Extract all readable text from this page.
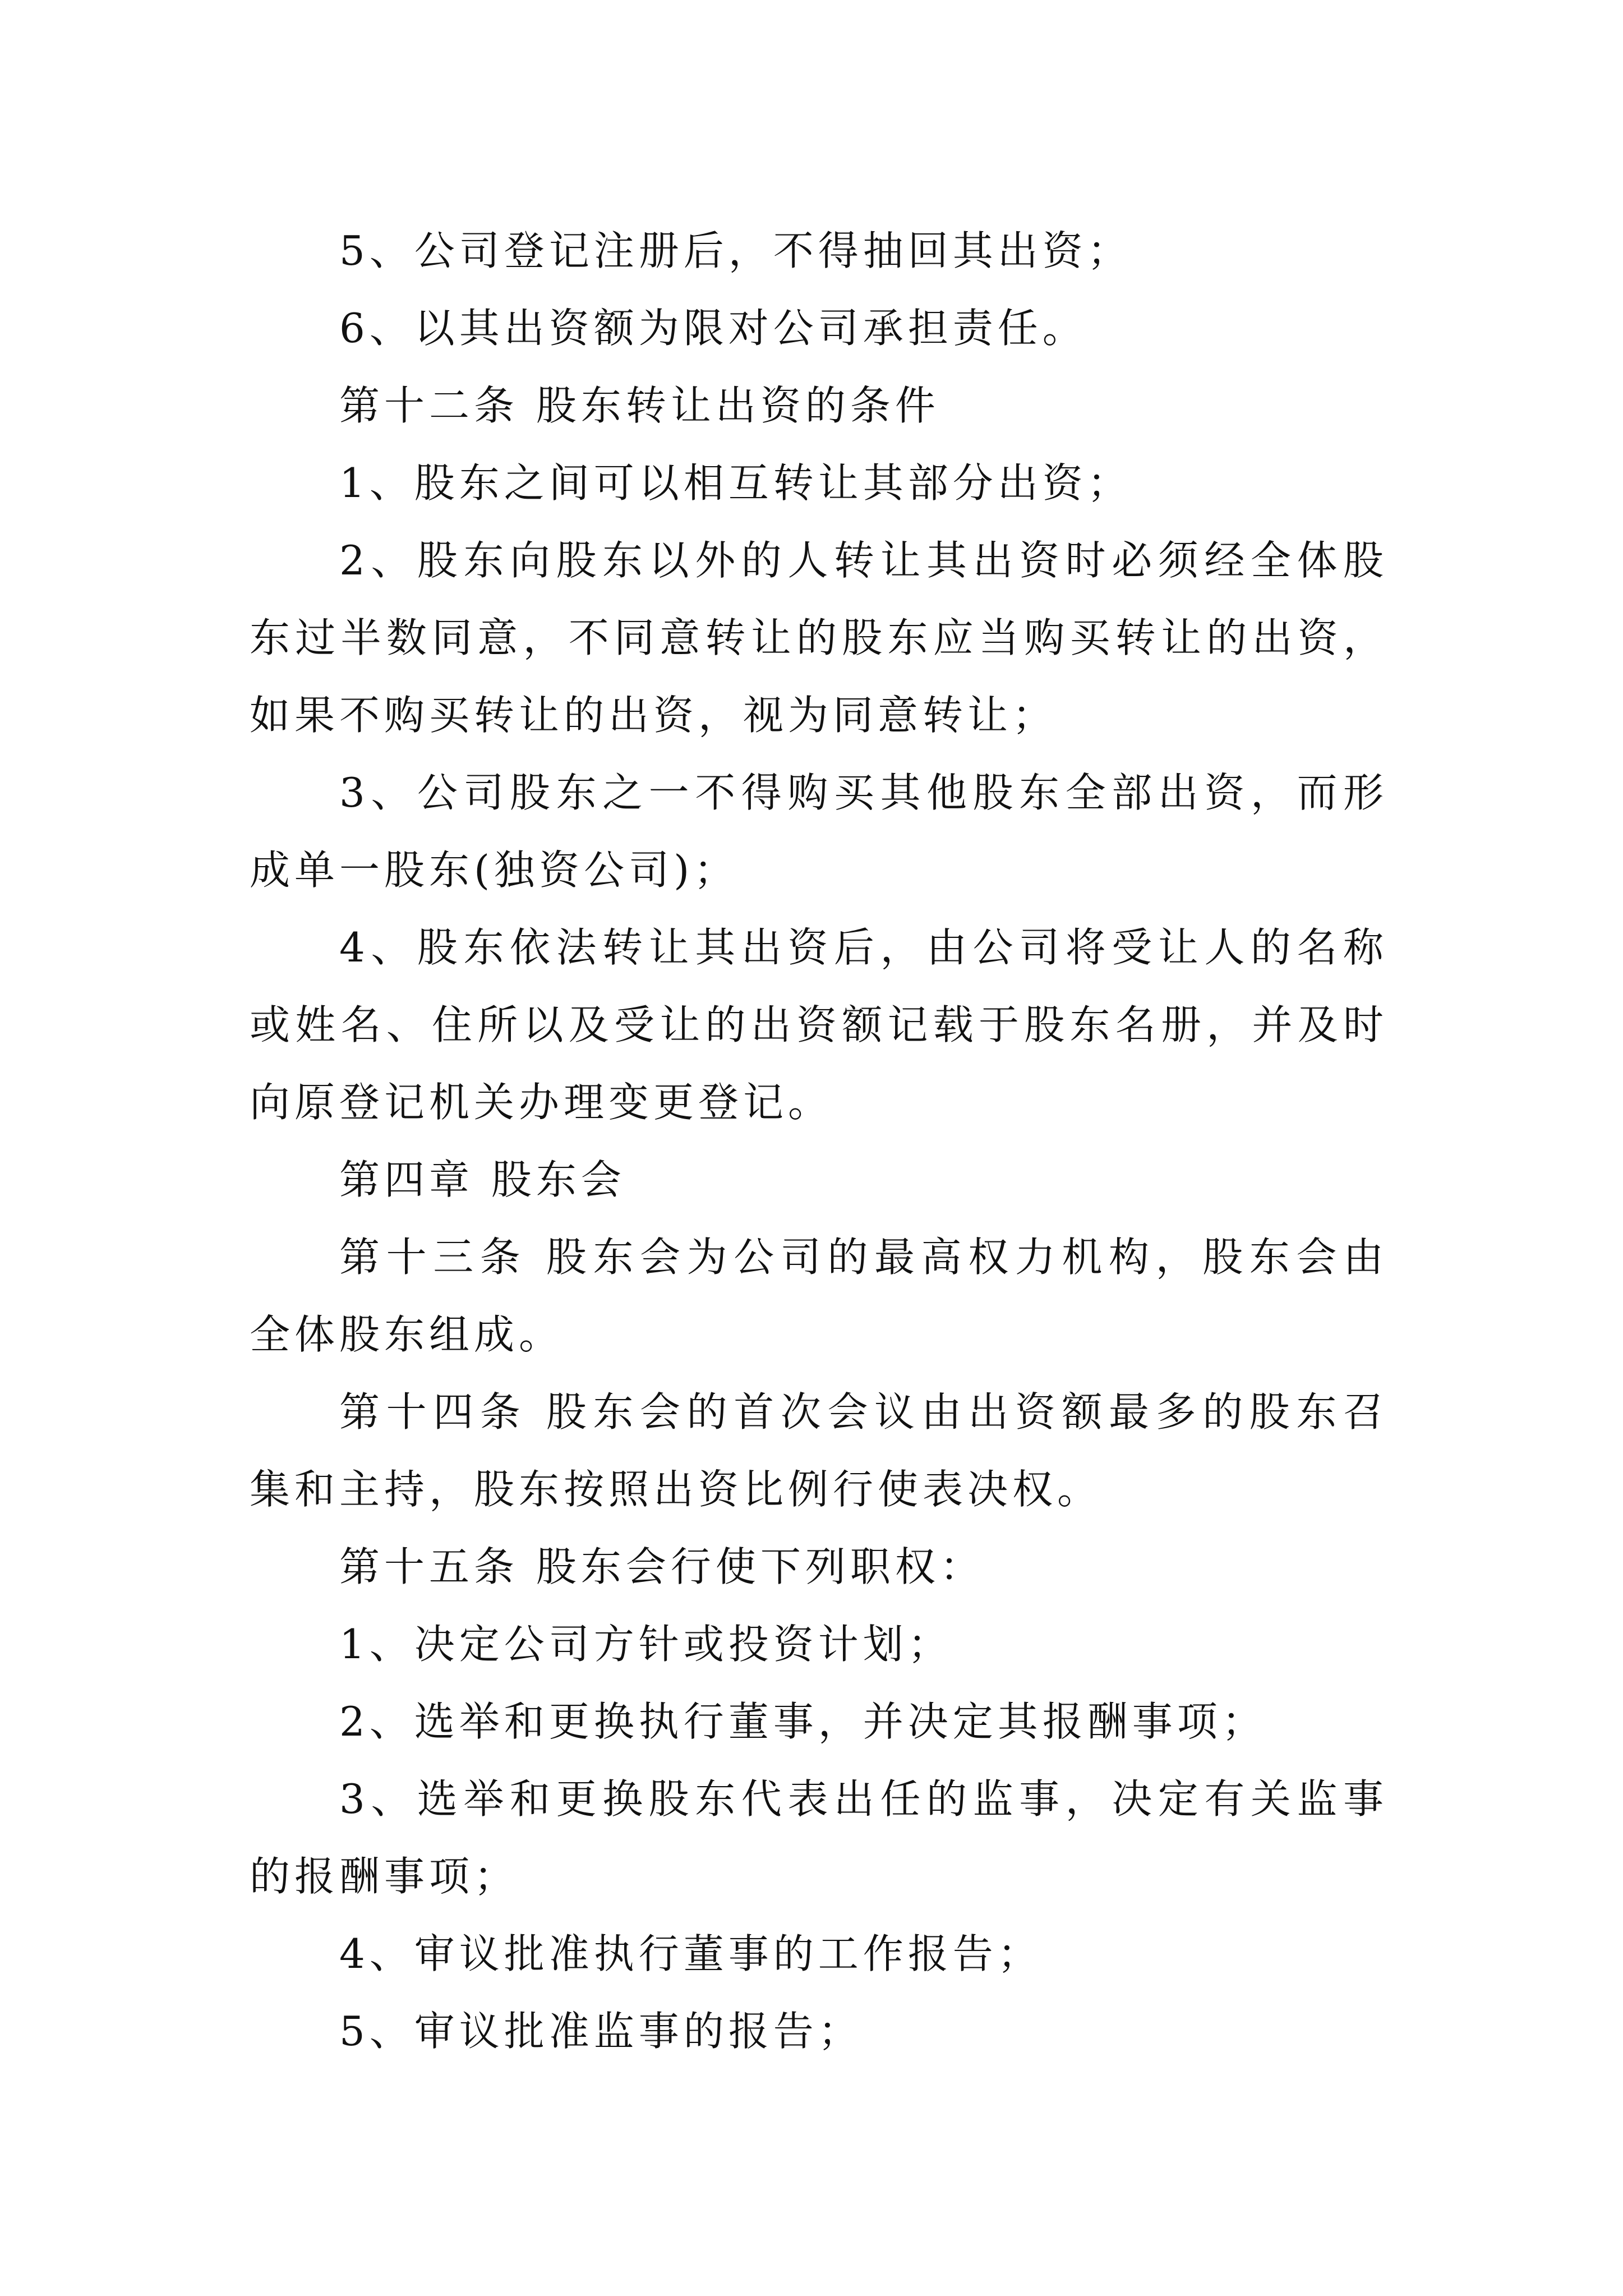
5、公司登记注册后，不得抽回其出资；

6、以其出资额为限对公司承担责任。

第十二条 股东转让出资的条件

1、股东之间可以相互转让其部分出资；

2、股东向股东以外的人转让其出资时必须经全体股东过半数同意，不同意转让的股东应当购买转让的出资， 如果不购买转让的出资，视为同意转让；

3、公司股东之一不得购买其他股东全部出资，而形成单一股东(独资公司)；

4、股东依法转让其出资后，由公司将受让人的名称或姓名、住所以及受让的出资额记载于股东名册，并及时向原登记机关办理变更登记。

第四章 股东会

第十三条 股东会为公司的最高权力机构，股东会由全体股东组成。

第十四条 股东会的首次会议由出资额最多的股东召集和主持，股东按照出资比例行使表决权。

第十五条 股东会行使下列职权：

1、决定公司方针或投资计划；

2、选举和更换执行董事，并决定其报酬事项；

3、选举和更换股东代表出任的监事，决定有关监事的报酬事项；

4、审议批准执行董事的工作报告；

5、审议批准监事的报告；
